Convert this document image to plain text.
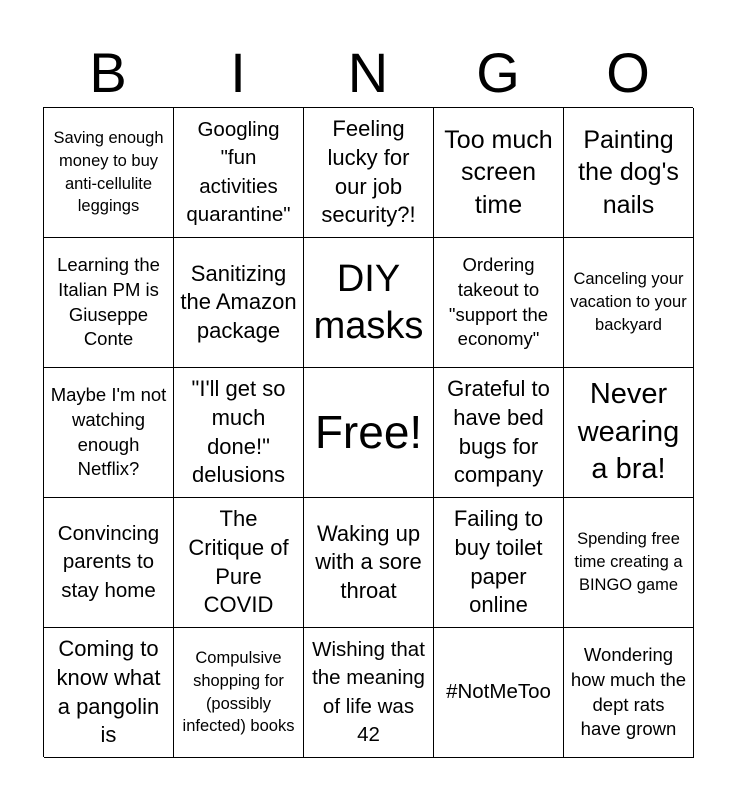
B	I	N	G	O
Saving enough money to buy anti-cellulite leggings
Googling "fun activities quarantine"
Feeling lucky for our job security?!
Too much screen time
Painting the dog's nails
Learning the Italian PM is Giuseppe Conte
Sanitizing the Amazon package
DIY masks
Ordering takeout to "support the economy"
Canceling your vacation to your backyard
Maybe I'm not watching enough Netflix?
"I'll get so much done!" delusions
Free!
Grateful to have bed bugs for company
Never wearing a bra!
Convincing parents to stay home
The Critique of Pure COVID
Waking up with a sore throat
Failing to buy toilet paper online
Spending free time creating a BINGO game
Coming to know what a pangolin is
Compulsive shopping for (possibly infected) books
Wishing that the meaning of life was 42
#NotMeToo
Wondering how much the dept rats have grown
